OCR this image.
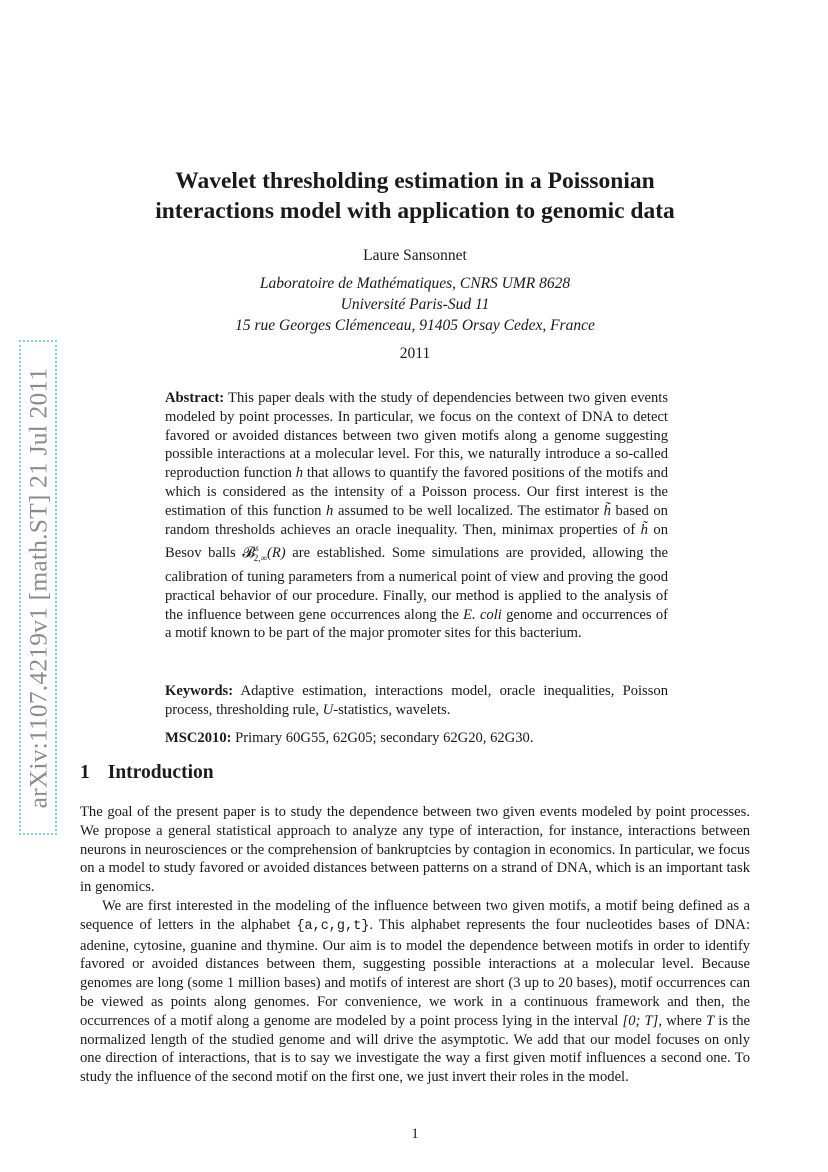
arXiv:1107.4219v1 [math.ST] 21 Jul 2011
Wavelet thresholding estimation in a Poissonian
interactions model with application to genomic data
Laure Sansonnet
Laboratoire de Mathématiques, CNRS UMR 8628
Université Paris-Sud 11
15 rue Georges Clémenceau, 91405 Orsay Cedex, France
2011

Abstract: This paper deals with the study of dependencies between two given events modeled by point processes. In particular, we focus on the context of DNA to detect favored or avoided distances between two given motifs along a genome suggesting possible interactions at a molecular level. For this, we naturally introduce a so-called reproduction function h that allows to quantify the favored positions of the motifs and which is considered as the intensity of a Poisson process. Our first interest is the estimation of this function h assumed to be well localized. The estimator h̃ based on random thresholds achieves an oracle inequality. Then, minimax properties of h̃ on Besov balls 𝓑$^s_{2,\infty}$(R) are established. Some simulations are provided, allowing the calibration of tuning parameters from a numerical point of view and proving the good practical behavior of our procedure. Finally, our method is applied to the analysis of the influence between gene occurrences along the E. coli genome and occurrences of a motif known to be part of the major promoter sites for this bacterium.

Keywords: Adaptive estimation, interactions model, oracle inequalities, Poisson process, thresholding rule, U-statistics, wavelets.

MSC2010: Primary 60G55, 62G05; secondary 62G20, 62G30.

1 Introduction

The goal of the present paper is to study the dependence between two given events modeled by point processes. We propose a general statistical approach to analyze any type of interaction, for instance, interactions between neurons in neurosciences or the comprehension of bankruptcies by contagion in economics. In particular, we focus on a model to study favored or avoided distances between patterns on a strand of DNA, which is an important task in genomics.

We are first interested in the modeling of the influence between two given motifs, a motif being defined as a sequence of letters in the alphabet {a,c,g,t}. This alphabet represents the four nucleotides bases of DNA: adenine, cytosine, guanine and thymine. Our aim is to model the dependence between motifs in order to identify favored or avoided distances between them, suggesting possible interactions at a molecular level. Because genomes are long (some 1 million bases) and motifs of interest are short (3 up to 20 bases), motif occurrences can be viewed as points along genomes. For convenience, we work in a continuous framework and then, the occurrences of a motif along a genome are modeled by a point process lying in the interval [0; T], where T is the normalized length of the studied genome and will drive the asymptotic. We add that our model focuses on only one direction of interactions, that is to say we investigate the way a first given motif influences a second one. To study the influence of the second motif on the first one, we just invert their roles in the model.

1
